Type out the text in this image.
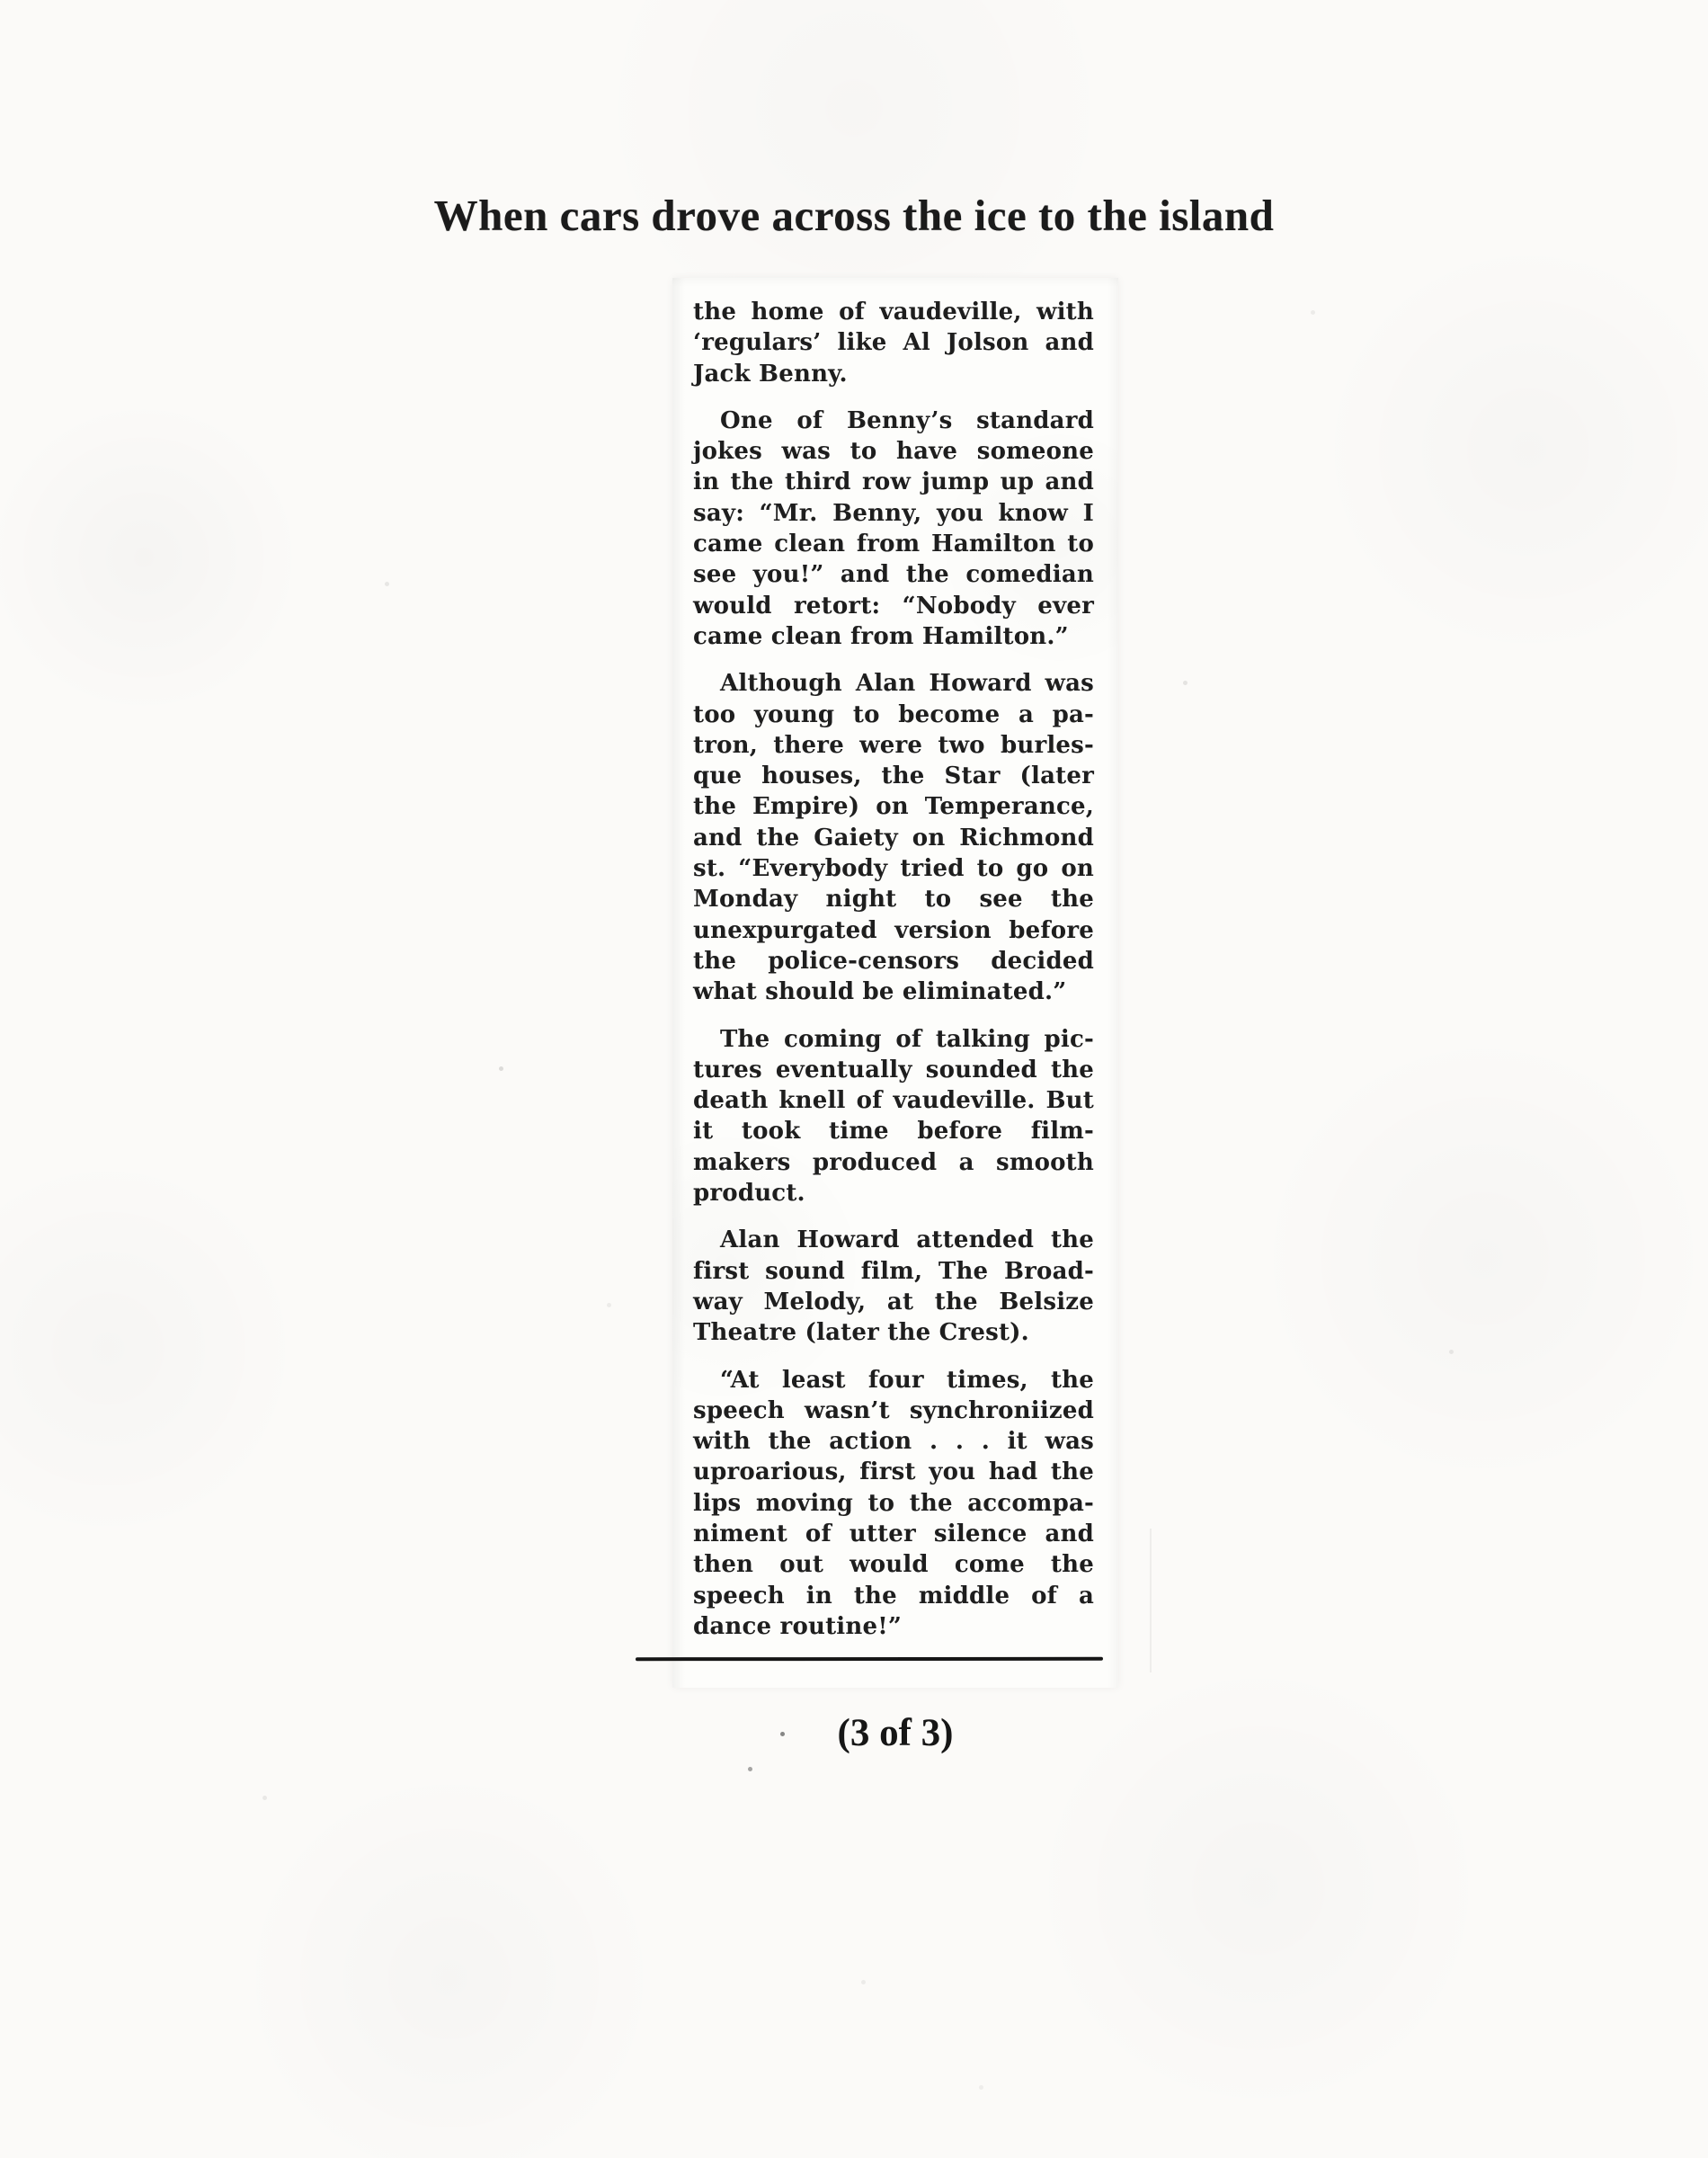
When cars drove across the ice to the island
the home of vaudeville, with
‘regulars’ like Al Jolson and
Jack Benny.
One of Benny’s standard
jokes was to have someone
in the third row jump up and
say: “Mr. Benny, you know I
came clean from Hamilton to
see you!” and the comedian
would retort: “Nobody ever
came clean from Hamilton.”
Although Alan Howard was
too young to become a pa-
tron, there were two burles-
que houses, the Star (later
the Empire) on Temperance,
and the Gaiety on Richmond
st. “Everybody tried to go on
Monday night to see the
unexpurgated version before
the police-censors decided
what should be eliminated.”
The coming of talking pic-
tures eventually sounded the
death knell of vaudeville. But
it took time before film-
makers produced a smooth
product.
Alan Howard attended the
first sound film, The Broad-
way Melody, at the Belsize
Theatre (later the Crest).
“At least four times, the
speech wasn’t synchroniized
with the action . . . it was
uproarious, first you had the
lips moving to the accompa-
niment of utter silence and
then out would come the
speech in the middle of a
dance routine!”
(3 of 3)
